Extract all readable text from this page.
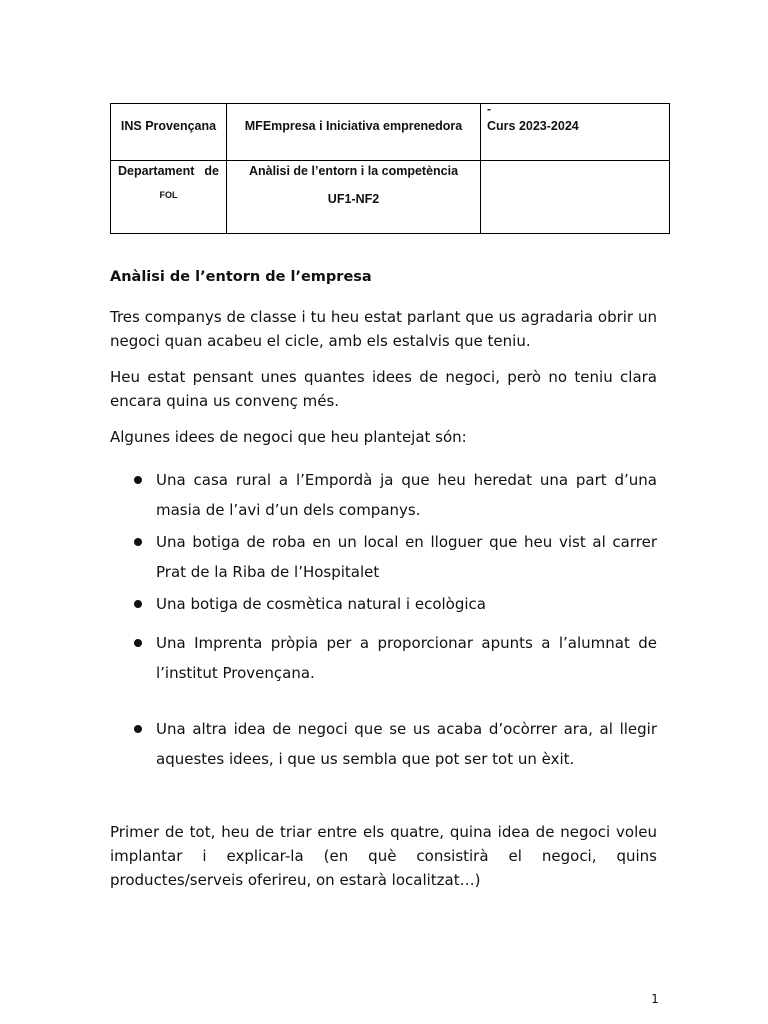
INS Provençana	MFEmpresa i Iniciativa emprenedora	-
Curs 2023-2024

Departament de
FOL	Anàlisi de l’entorn i la competència
UF1-NF2	

Anàlisi de l’entorn de l’empresa
Tres companys de classe i tu heu estat parlant que us agradaria obrir un negoci quan acabeu el cicle, amb els estalvis que teniu.
Heu estat pensant unes quantes idees de negoci, però no teniu clara encara quina us convenç més.
Algunes idees de negoci que heu plantejat són:
Una casa rural a l’Empordà ja que heu heredat una part d’una masia de l’avi d’un dels companys.
Una botiga de roba en un local en lloguer que heu vist al carrer Prat de la Riba de l’Hospitalet
Una botiga de cosmètica natural i ecològica
Una Imprenta pròpia per a proporcionar apunts a l’alumnat de l’institut Provençana.
Una altra idea de negoci que se us acaba d’ocòrrer ara, al llegir aquestes idees, i que us sembla que pot ser tot un èxit.
Primer de tot, heu de triar entre els quatre, quina idea de negoci voleu implantar i explicar-la (en què consistirà el negoci, quins productes/serveis oferireu, on estarà localitzat…)
1
